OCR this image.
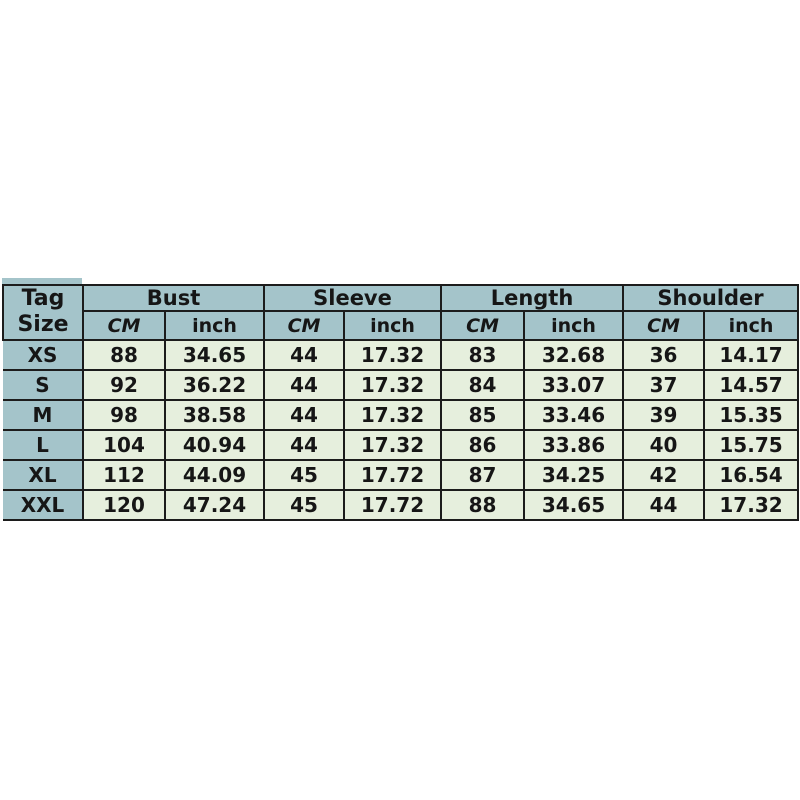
Tag
Size	Bust		Sleeve		Length		Shoulder	
	CM	inch	CM	inch	CM	inch	CM	inch
XS	88	34.65	44	17.32	83	32.68	36	14.17
S	92	36.22	44	17.32	84	33.07	37	14.57
M	98	38.58	44	17.32	85	33.46	39	15.35
L	104	40.94	44	17.32	86	33.86	40	15.75
XL	112	44.09	45	17.72	87	34.25	42	16.54
XXL	120	47.24	45	17.72	88	34.65	44	17.32
